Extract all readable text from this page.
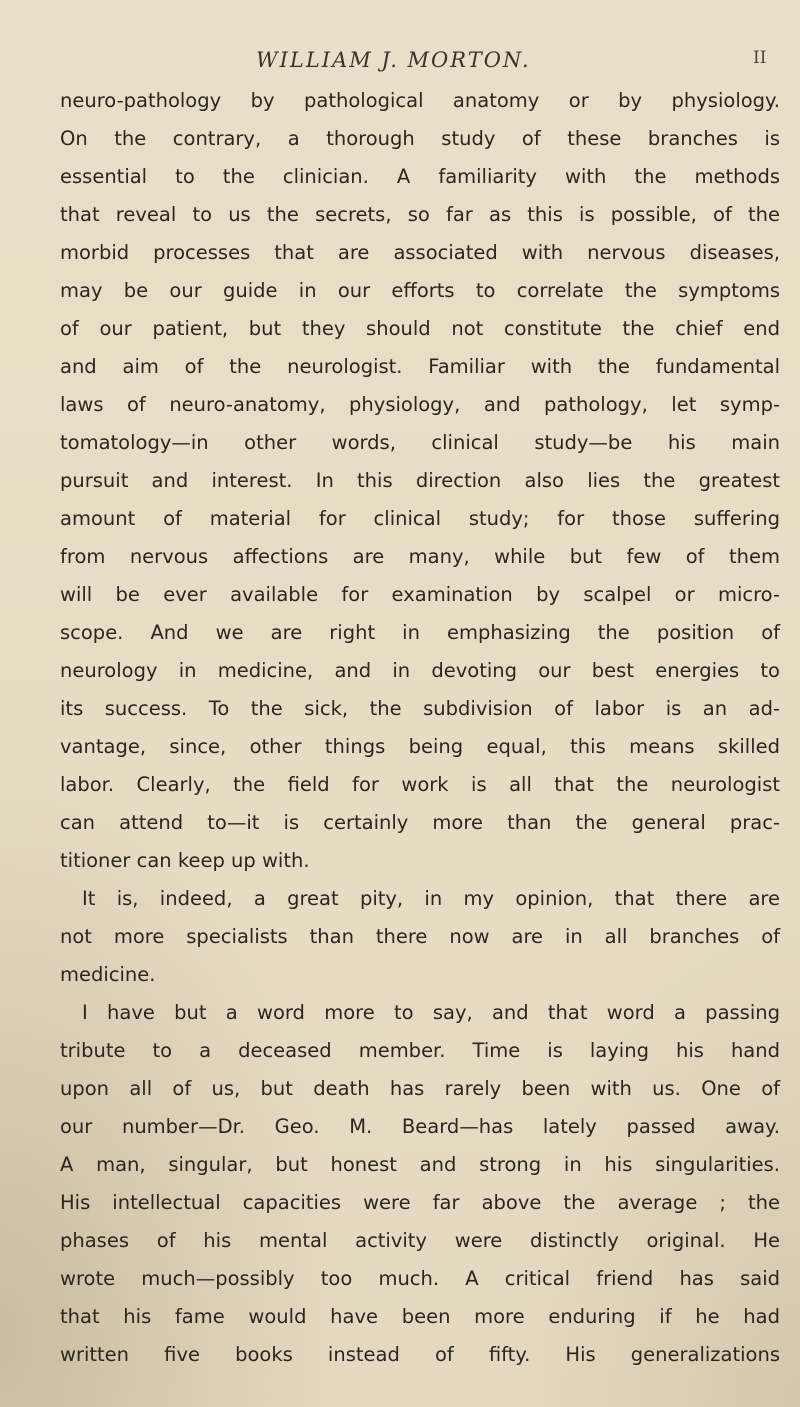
WILLIAM J. MORTON.	II
neuro-pathology by pathological anatomy or by physiology.
On the contrary, a thorough study of these branches is
essential to the clinician. A familiarity with the methods
that reveal to us the secrets, so far as this is possible, of the
morbid processes that are associated with nervous diseases,
may be our guide in our efforts to correlate the symptoms
of our patient, but they should not constitute the chief end
and aim of the neurologist. Familiar with the fundamental
laws of neuro-anatomy, physiology, and pathology, let symp-
tomatology—in other words, clinical study—be his main
pursuit and interest. In this direction also lies the greatest
amount of material for clinical study; for those suffering
from nervous affections are many, while but few of them
will be ever available for examination by scalpel or micro-
scope. And we are right in emphasizing the position of
neurology in medicine, and in devoting our best energies to
its success. To the sick, the subdivision of labor is an ad-
vantage, since, other things being equal, this means skilled
labor. Clearly, the field for work is all that the neurologist
can attend to—it is certainly more than the general prac-
titioner can keep up with.
It is, indeed, a great pity, in my opinion, that there are
not more specialists than there now are in all branches of
medicine.
I have but a word more to say, and that word a passing
tribute to a deceased member. Time is laying his hand
upon all of us, but death has rarely been with us. One of
our number—Dr. Geo. M. Beard—has lately passed away.
A man, singular, but honest and strong in his singularities.
His intellectual capacities were far above the average ; the
phases of his mental activity were distinctly original. He
wrote much—possibly too much. A critical friend has said
that his fame would have been more enduring if he had
written five books instead of fifty. His generalizations
